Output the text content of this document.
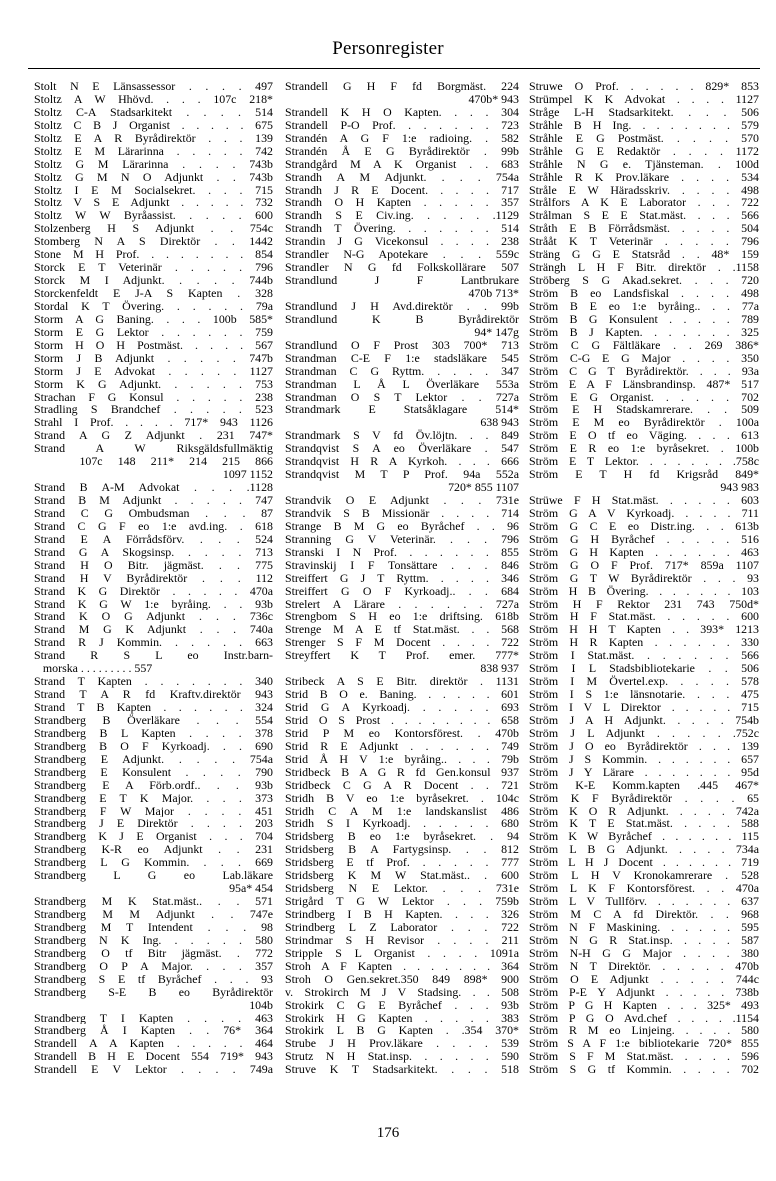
Personregister
Stolt N E Länsassessor . . . . 497
Stoltz A W Hhövd. . . . 107c 218*
Stoltz C-A Stadsarkitekt . . . . 514
Stoltz C B J Organist . . . . . 675
Stoltz E A R Byrådirektör . . . 139
Stoltz E M Lärarinna . . . . . 742
Stoltz G M Lärarinna . . . . 743b
Stoltz G M N O Adjunkt . . 743b
Stoltz I E M Socialsekret. . . . 715
Stoltz V S E Adjunkt . . . . . 732
Stoltz W W Byråassist. . . . . 600
Stolzenberg H S Adjunkt . . 754c
Stomberg N A S Direktör . . 1442
Stone M H Prof. . . . . . . . 854
Storck E T Veterinär . . . . . 796
Storck M I Adjunkt. . . . . 744b
Storckenfeldt E J-A S Kapten . 328
Stordal K T Övering. . . . . . 79a
Storm A G Baning. . . . 100b 585*
Storm E G Lektor . . . . . . 759
Storm H O H Postmäst. . . . . 567
Storm J B Adjunkt . . . . . 747b
Storm J E Advokat . . . . . 1127
Storm K G Adjunkt. . . . . . 753
Strachan F G Konsul . . . . . 238
Stradling S Brandchef . . . . . 523
Strahl I Prof. . . . . 717* 943 1126
Strand A G Z Adjunkt . 231 747*
Strand A W Riksgäldsfullmäktig
107c 148 211* 214 215 866
1097 1152
Strand B A-M Advokat . . . .1128
Strand B M Adjunkt . . . . . 747
Strand C G Ombudsman . . . 87
Strand C G F eo 1:e avd.ing. . 618
Strand E A Förrådsförv. . . . 524
Strand G A Skogsinsp. . . . . 713
Strand H O Bitr. jägmäst. . . 775
Strand H V Byrådirektör . . . 112
Strand K G Direktör . . . . . 470a
Strand K G W 1:e byråing. . . 93b
Strand K O G Adjunkt . . . 736c
Strand M G K Adjunkt . . . 740a
Strand R J Kommin. . . . . . 663
Strand R S L eo Instr.barn-
morska . . . . . . . . . 557
Strand T Kapten . . . . . . . 340
Strand T A R fd Kraftv.direktör 943
Strand T B Kapten . . . . . . 324
Strandberg B Överläkare . . . 554
Strandberg B L Kapten . . . . 378
Strandberg B O F Kyrkoadj. . . 690
Strandberg E Adjunkt. . . . . 754a
Strandberg E Konsulent . . . . 790
Strandberg E A Förb.ordf.. . . 93b
Strandberg E T K Major. . . . 373
Strandberg F W Major . . . . 451
Strandberg J E Direktör . . . . 203
Strandberg K J E Organist . . . 704
Strandberg K-R eo Adjunkt . . 231
Strandberg L G Kommin. . . . 669
Strandberg L G eo Lab.läkare
95a* 454
Strandberg M K Stat.mäst.. . . 571
Strandberg M M Adjunkt . . 747e
Strandberg M T Intendent . . . 98
Strandberg N K Ing. . . . . . 580
Strandberg O tf Bitr jägmäst. . 772
Strandberg O P A Major. . . . 357
Strandberg S E tf Byråchef . . . 93
Strandberg S-E B eo Byrådirektör
104b
Strandberg T I Kapten . . . . 463
Strandberg Å I Kapten . . 76* 364
Strandell A A Kapten . . . . . 464
Strandell B H E Docent 554 719* 943
Strandell E V Lektor . . . . 749a
Strandell G H F fd Borgmäst. 224
470b* 943
Strandell K H O Kapten. . . . 304
Strandell P-O Prof. . . . . . . 723
Strandén A G F 1:e radioing. . 582
Strandén Å E G Byrådirektör . 99b
Strandgård M A K Organist . . 683
Strandh A M Adjunkt. . . . 754a
Strandh J R E Docent. . . . . 717
Strandh O H Kapten . . . . . 357
Strandh S E Civ.ing. . . . . .1129
Strandh T Övering. . . . . . . 514
Strandin J G Vicekonsul . . . . 238
Strandler N-G Apotekare . . . 559c
Strandler N G fd Folkskollärare 507
Strandlund J F Lantbrukare
470b 713*
Strandlund J H Avd.direktör . . 99b
Strandlund K B Byrådirektör
94* 147g
Strandlund O F Prost 303 700* 713
Strandman C-E F 1:e stadsläkare 545
Strandman C G Ryttm. . . . . 347
Strandman L Å L Överläkare 553a
Strandman O S T Lektor . . 727a
Strandmark E Statsåklagare 514*
638 943
Strandmark S V fd Öv.löjtn. . . 849
Strandqvist S A eo Överläkare . 547
Strandqvist H R A Kyrkoh. . . . 666
Strandqvist M T P Prof. 94a 552a
720* 855 1107
Strandvik O E Adjunkt . . . 731e
Strandvik S B Missionär . . . . 714
Strange B M G eo Byråchef . . 96
Stranning G V Veterinär. . . . 796
Stranski I N Prof. . . . . . . 855
Stravinskij I F Tonsättare . . . 846
Streiffert G J T Ryttm. . . . . 346
Streiffert G O F Kyrkoadj.. . . 684
Strelert A Lärare . . . . . . 727a
Strengbom S H eo 1:e driftsing. 618b
Strenge M A E tf Stat.mäst. . . 568
Strenger S F M Docent . . . . 722
Streyffert K T Prof. emer. 777*
838 937
Stribeck A S E Bitr. direktör . 1131
Strid B O e. Baning. . . . . . 601
Strid G A Kyrkoadj. . . . . . 693
Strid O S Prost . . . . . . . . 658
Strid P M eo Kontorsförest. . 470b
Strid R E Adjunkt . . . . . . 749
Strid Å H V 1:e byråing.. . . . 79b
Stridbeck B A G R fd Gen.konsul 937
Stridbeck C G A R Docent . . 721
Stridh B V eo 1:e byråsekret. . 104c
Stridh C A M 1:e landskanslist 486
Stridh S I Kyrkoadj. . . . . . 680
Stridsberg B eo 1:e byråsekret. . 94
Stridsberg B A Fartygsinsp. . . 812
Stridsberg E tf Prof. . . . . . 777
Stridsberg K M W Stat.mäst.. . 600
Stridsberg N E Lektor. . . . 731e
Strigård T G W Lektor . . . 759b
Strindberg I B H Kapten. . . . 326
Strindberg L Z Laborator . . . 722
Strindmar S H Revisor . . . . 211
Stripple S L Organist . . . . 1091a
Stroh A F Kapten . . . . . . . 364
Stroh O Gen.sekret.350 849 898* 900
v. Strokirch M J V Stadsing. . . 508
Strokirk C G E Byråchef . . . 93b
Strokirk H G Kapten . . . . . 383
Strokirk L B G Kapten . .354 370*
Strube J H Prov.läkare . . . . 539
Strutz N H Stat.insp. . . . . . 590
Struve K T Stadsarkitekt. . . . 518
Struwe O Prof. . . . . . 829* 853
Strümpel K K Advokat . . . . 1127
Stråge L-H Stadsarkitekt. . . . 506
Stråhle B H Ing. . . . . . . . 579
Stråhle E G Postmäst. . . . . 570
Stråhle G E Redaktör . . . . 1172
Stråhle N G e. Tjänsteman. . 100d
Stråhle R K Prov.läkare . . . . 534
Stråle E W Häradsskriv. . . . . 498
Strålfors A K E Laborator . . . 722
Strålman S E E Stat.mäst. . . . 566
Stråth E B Förrådsmäst. . . . . 504
Strååt K T Veterinär . . . . . 796
Sträng G G E Statsråd . . 48* 159
Strängh L H F Bitr. direktör . .1158
Ströberg S G Akad.sekret. . . . 720
Ström B eo Landsfiskal . . . . 498
Ström B E eo 1:e byråing.. . . 77a
Ström B G Konsulent . . . . . 789
Ström B J Kapten. . . . . . . 325
Ström C G Fältläkare . . 269 386*
Ström C-G E G Major . . . . 350
Ström C G T Byrådirektör. . . . 93a
Ström E A F Länsbrandinsp. 487* 517
Ström E G Organist. . . . . . 702
Ström E H Stadskamrerare. . . 509
Ström E M eo Byrådirektör . 100a
Ström E O tf eo Väging. . . . 613
Ström E R eo 1:e byråsekret. . 100b
Ström E T Lektor. . . . . . . .758c
Ström E T H fd Krigsråd 849*
943 983
Strüwe F H Stat.mäst. . . . . . 603
Ström G A V Kyrkoadj. . . . . 711
Ström G C E eo Distr.ing. . . 613b
Ström G H Byråchef . . . . . 516
Ström G H Kapten . . . . . . 463
Ström G O F Prof. 717* 859a 1107
Ström G T W Byrådirektör . . . 93
Ström H B Övering. . . . . . . 103
Ström H F Rektor 231 743 750d*
Ström H F Stat.mäst. . . . . . 600
Ström H H T Kapten . . 393* 1213
Ström H R Kapten . . . . . . 330
Ström I Stat.mäst. . . . . . . 566
Ström I L Stadsbibliotekarie . . 506
Ström I M Övertel.exp. . . . . 578
Ström I S 1:e länsnotarie. . . . 475
Ström I V L Direktor . . . . . 715
Ström J A H Adjunkt. . . . . 754b
Ström J L Adjunkt . . . . . .752c
Ström J O eo Byrådirektör . . . 139
Ström J S Kommin. . . . . . . 657
Ström J Y Lärare . . . . . . . 95d
Ström K-E Komm.kapten .445 467*
Ström K F Byrådirektör . . . . 65
Ström K O R Adjunkt. . . . . 742a
Ström K T E Stat.mäst. . . . . 588
Ström K W Byråchef . . . . . . 115
Ström L B G Adjunkt. . . . . 734a
Ström L H J Docent . . . . . . 719
Ström L H V Kronokamrerare . 528
Ström L K F Kontorsförest. . . 470a
Ström L V Tullförv. . . . . . . 637
Ström M C A fd Direktör. . . 968
Ström N F Maskining. . . . . . 595
Ström N G R Stat.insp. . . . . 587
Ström N-H G G Major . . . . 380
Ström N T Direktör. . . . . . 470b
Ström O E Adjunkt . . . . . 744c
Ström P-E Y Adjunkt . . . . . 738b
Ström P G H Kapten . . . 325* 493
Ström P G O Avd.chef . . . . .1154
Ström R M eo Linjeing. . . . . 580
Ström S A F 1:e bibliotekarie 720* 855
Ström S F M Stat.mäst. . . . . 596
Ström S G tf Kommin. . . . . 702
176
